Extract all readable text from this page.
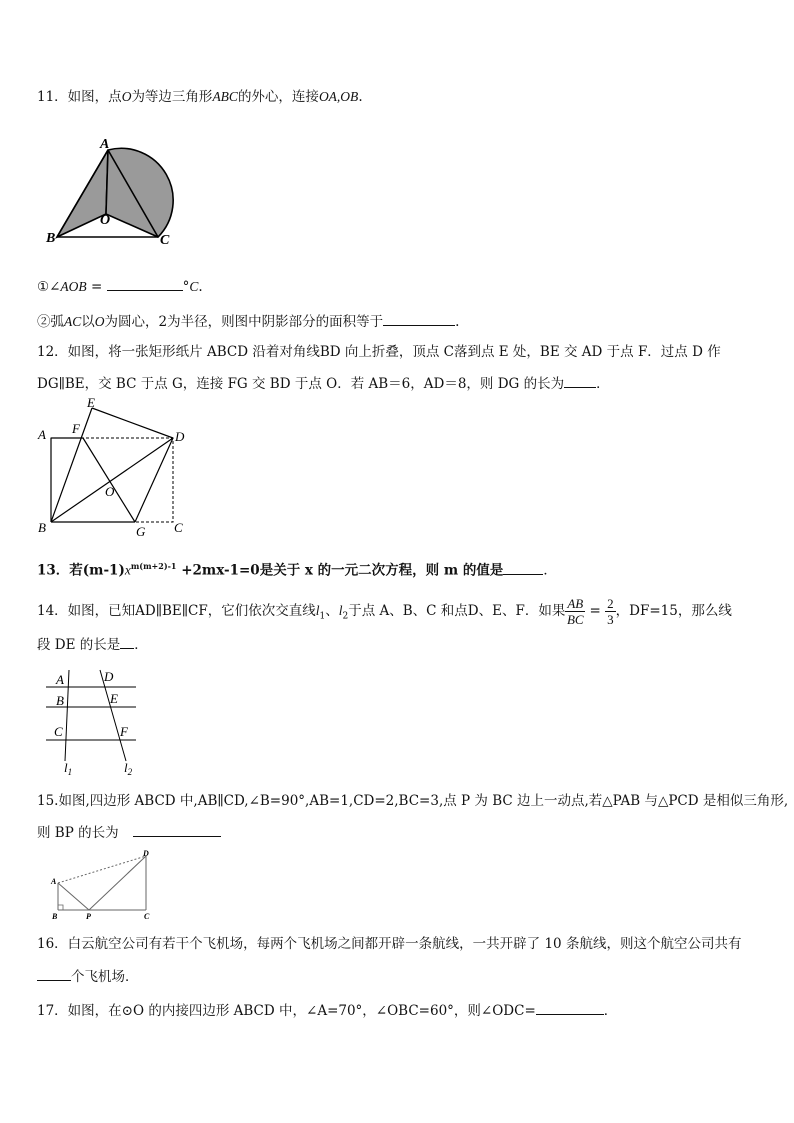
11．如图，点O为等边三角形ABC的外心，连接OA,OB.
A
B	C
O
①∠AOB =	°C.
②弧AC以O为圆心，2为半径，则图中阴影部分的面积等于	.
12．如图，将一张矩形纸片 ABCD 沿着对角线BD 向上折叠，顶点 C落到点 E 处，BE 交 AD 于点 F．过点 D 作
DG∥BE，交 BC 于点 G，连接 FG 交 BD 于点 O．若 AB＝6，AD＝8，则 DG 的长为 ．
A
B	C
D
E
F
G
O
13．若$(m-1)x^{m(m+2)-1} +2mx-1=0$是关于 x 的一元二次方程，则 m 的值是	．
14．如图，已知AD∥BE∥CF，它们依次交直线$l_1$、$l_2$于点 A、B、C 和点D、E、F．如果 $\frac{AB}{BC} = \frac{2}{3}$ ，DF=15，那么线
段 DE 的长是 ．
A
B
C
D
E
F
$l_1$	$l_2$
15.如图,四边形 ABCD 中,AB∥CD,∠B=90°,AB=1,CD=2,BC=3,点 P 为 BC 边上一动点,若△PAB 与△PCD 是相似三角形,
则 BP 的长为
A
B	C
D
P
16．白云航空公司有若干个飞机场，每两个飞机场之间都开辟一条航线，一共开辟了 10 条航线，则这个航空公司共有
个飞机场．
17．如图，在⊙O 的内接四边形 ABCD 中，∠A=70°，∠OBC=60°，则∠ODC=	．
